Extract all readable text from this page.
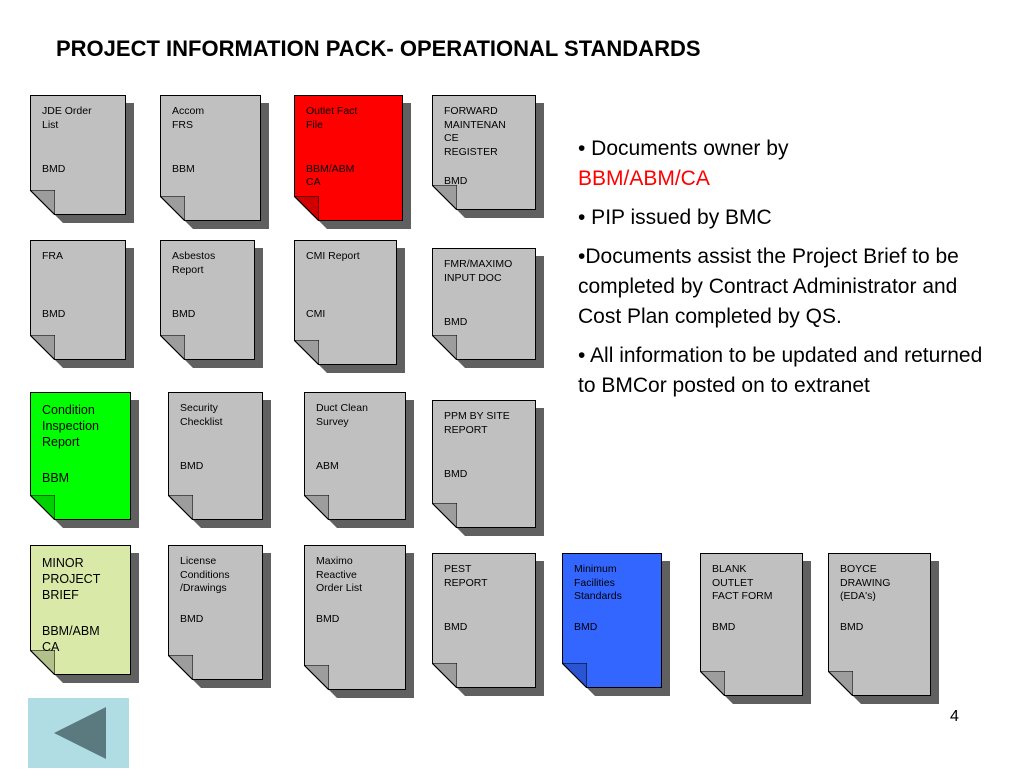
PROJECT INFORMATION PACK- OPERATIONAL STANDARDS
JDE Order
List
BMD
Accom
FRS
BBM
Outlet Fact
File
BBM/ABM
CA
FORWARD
MAINTENAN
CE
REGISTER
BMD
FRA
BMD
Asbestos
Report
BMD
CMI Report
CMI
FMR/MAXIMO
INPUT DOC
BMD
Condition
Inspection
Report
BBM
Security
Checklist
BMD
Duct Clean
Survey
ABM
PPM BY SITE
REPORT
BMD
MINOR
PROJECT
BRIEF
BBM/ABM
CA
License
Conditions
/Drawings
BMD
Maximo
Reactive
Order List
BMD
PEST
REPORT
BMD
Minimum
Facilities
Standards
BMD
BLANK
OUTLET
FACT FORM
BMD
BOYCE
DRAWING
(EDA's)
BMD

• Documents owner by
BBM/ABM/CA

• PIP issued by BMC

•Documents assist the Project Brief to be completed by Contract Administrator and Cost Plan completed by QS.

• All information to be updated and returned to BMCor posted on to extranet

4
